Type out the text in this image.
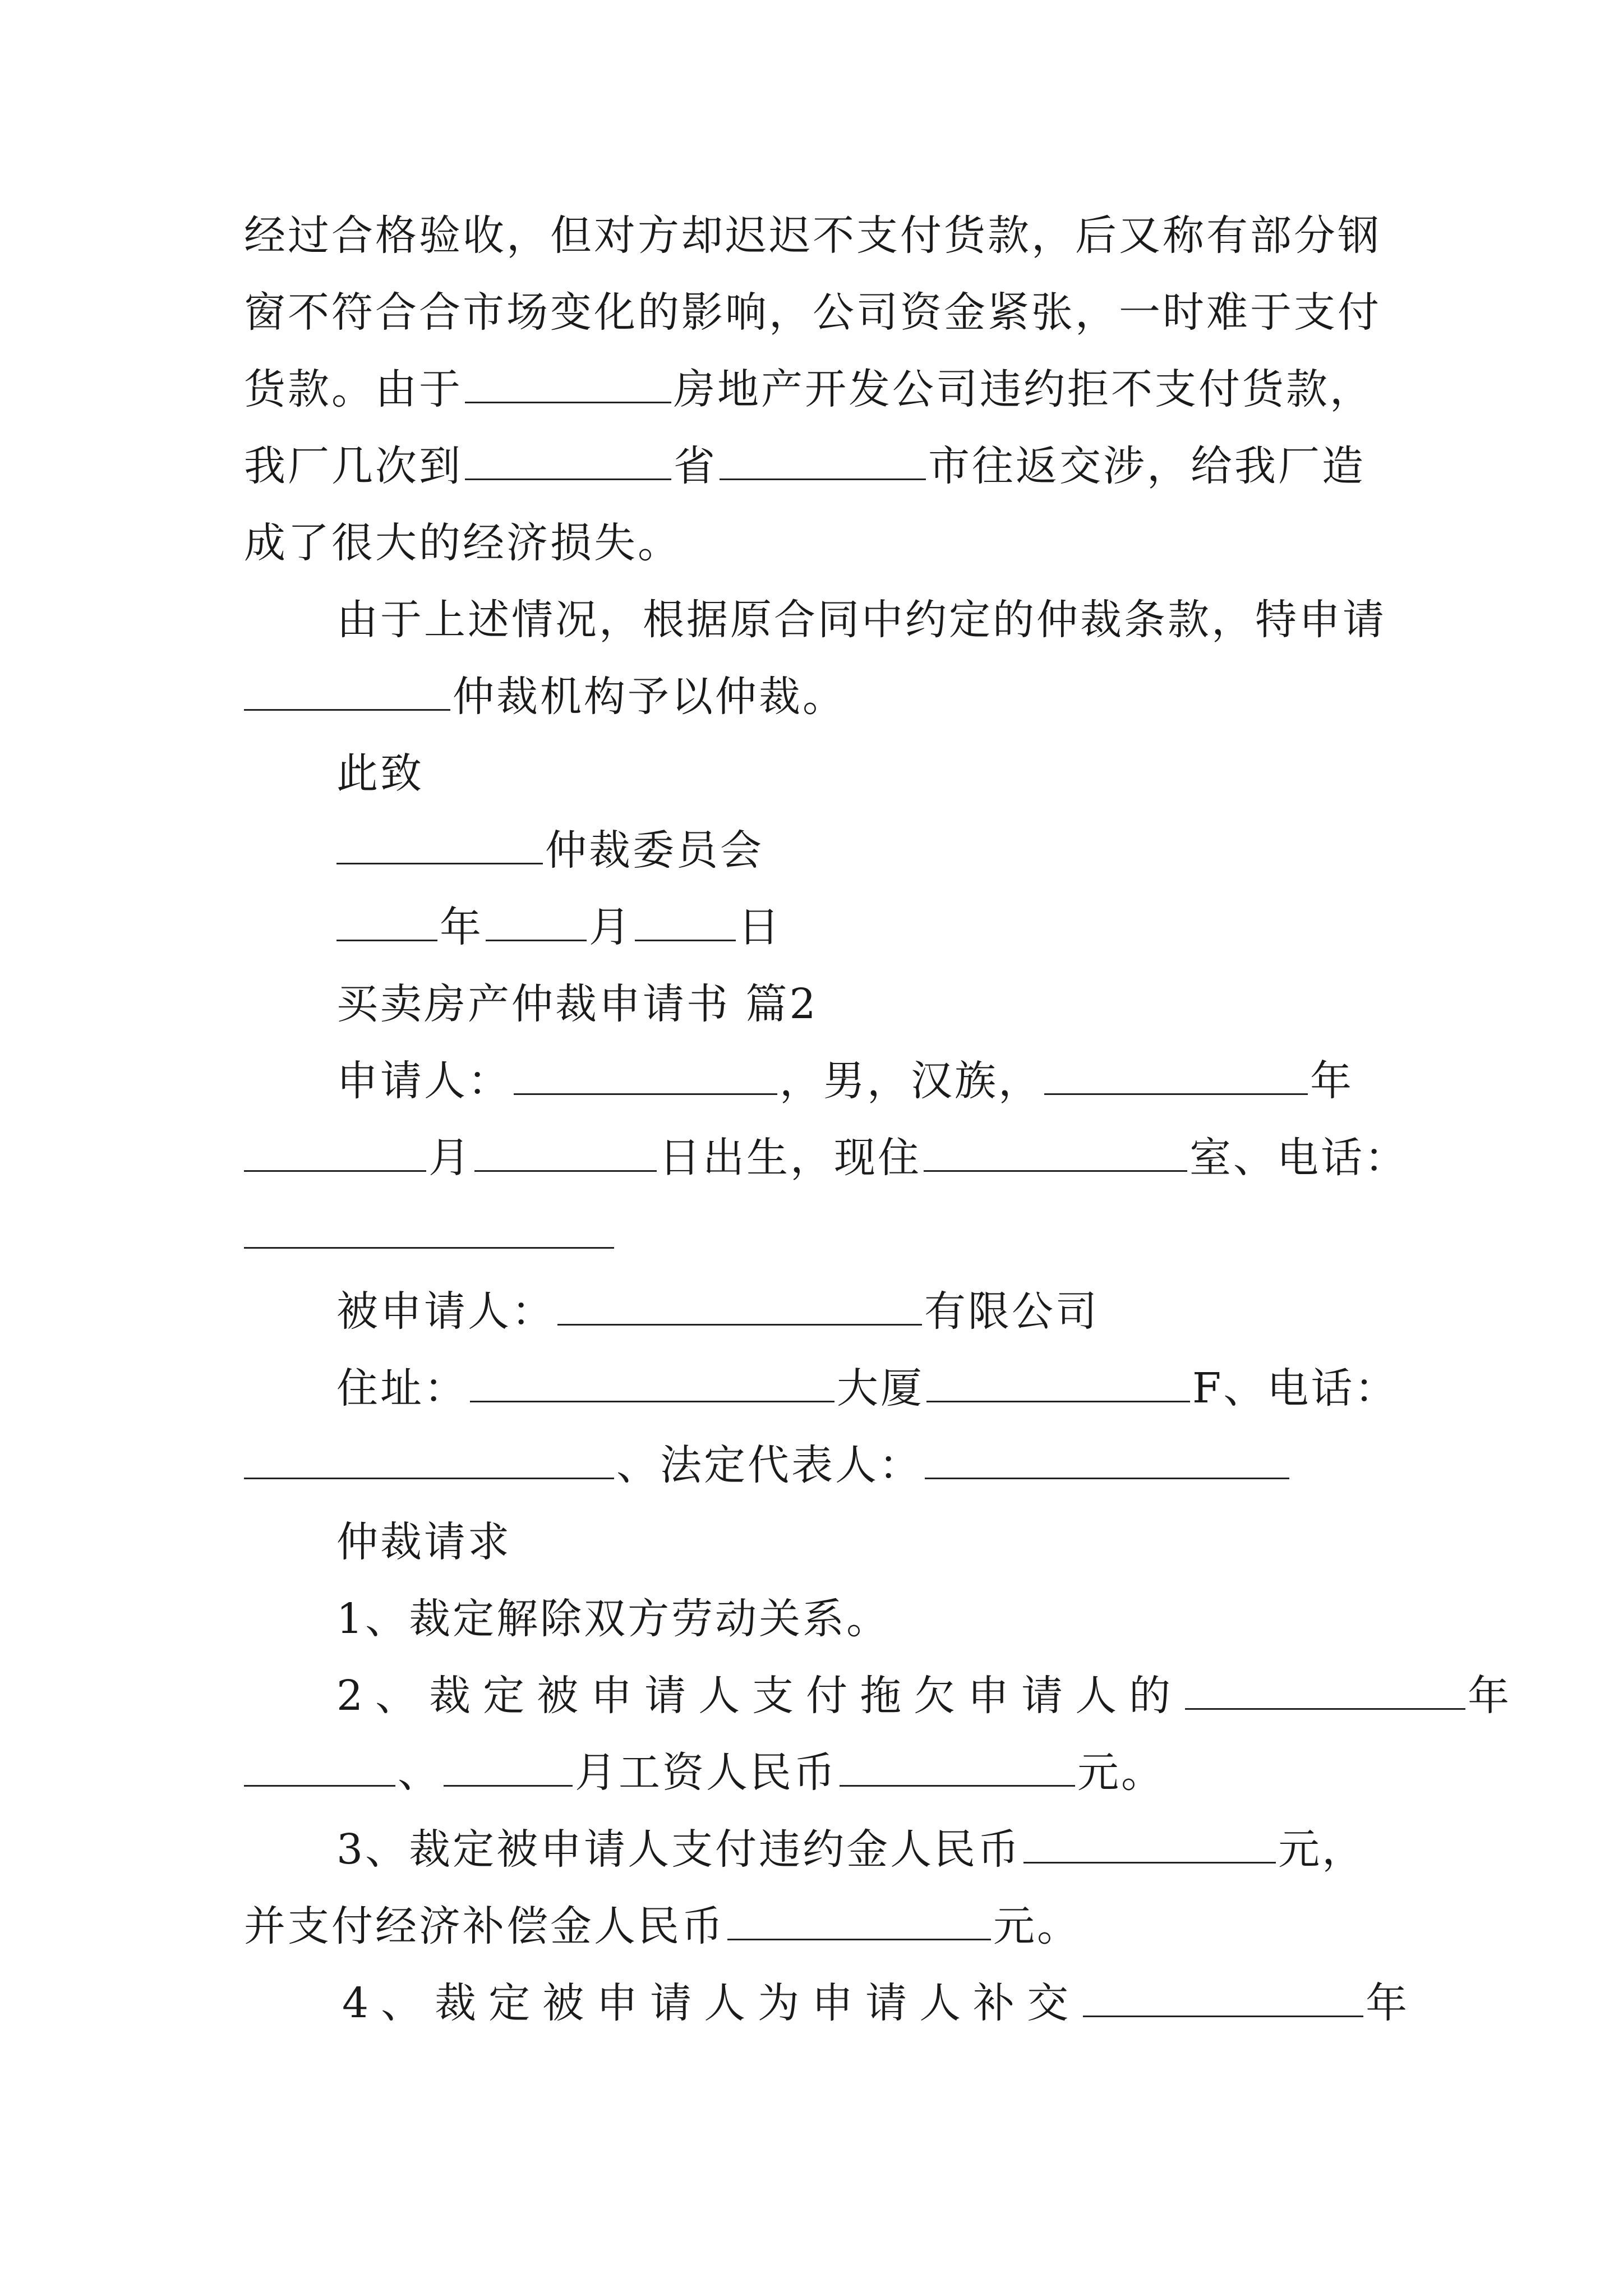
经过合格验收，但对方却迟迟不支付货款，后又称有部分钢
窗不符合合市场变化的影响，公司资金紧张，一时难于支付
货款。由于	房地产开发公司违约拒不支付货款，
我厂几次到	省	市往返交涉，给我厂造
成了很大的经济损失。
由于上述情况，根据原合同中约定的仲裁条款，特申请
仲裁机构予以仲裁。
此致
仲裁委员会
年	月	日
买卖房产仲裁申请书 篇2
申请人：	，男，汉族，	年
月	日出生，现住	室、电话：
被申请人：	有限公司
住址：	大厦	F、电话：
、法定代表人：
仲裁请求
1、裁定解除双方劳动关系。
2、裁定被申请人支付拖欠申请人的	年
、	月工资人民币	元。
3、裁定被申请人支付违约金人民币	元，
并支付经济补偿金人民币	元。
4、裁定被申请人为申请人补交	年
